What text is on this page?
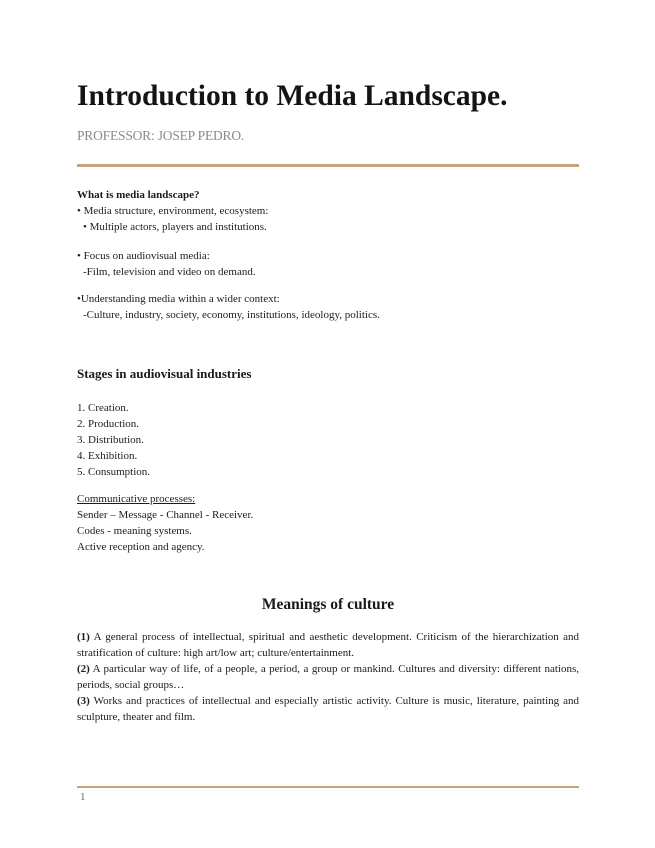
Introduction to Media Landscape.
PROFESSOR: JOSEP PEDRO.
What is media landscape?
• Media structure, environment, ecosystem:
• Multiple actors, players and institutions.
• Focus on audiovisual media:
-Film, television and video on demand.
•Understanding media within a wider context:
-Culture, industry, society, economy, institutions, ideology, politics.
Stages in audiovisual industries
1. Creation.
2. Production.
3. Distribution.
4. Exhibition.
5. Consumption.
Communicative processes:
Sender – Message - Channel - Receiver.
Codes - meaning systems.
Active reception and agency.
Meanings of culture
(1) A general process of intellectual, spiritual and aesthetic development. Criticism of the hierarchization and stratification of culture: high art/low art; culture/entertainment.
(2) A particular way of life, of a people, a period, a group or mankind. Cultures and diversity: different nations, periods, social groups…
(3) Works and practices of intellectual and especially artistic activity. Culture is music, literature, painting and sculpture, theater and film.
1
